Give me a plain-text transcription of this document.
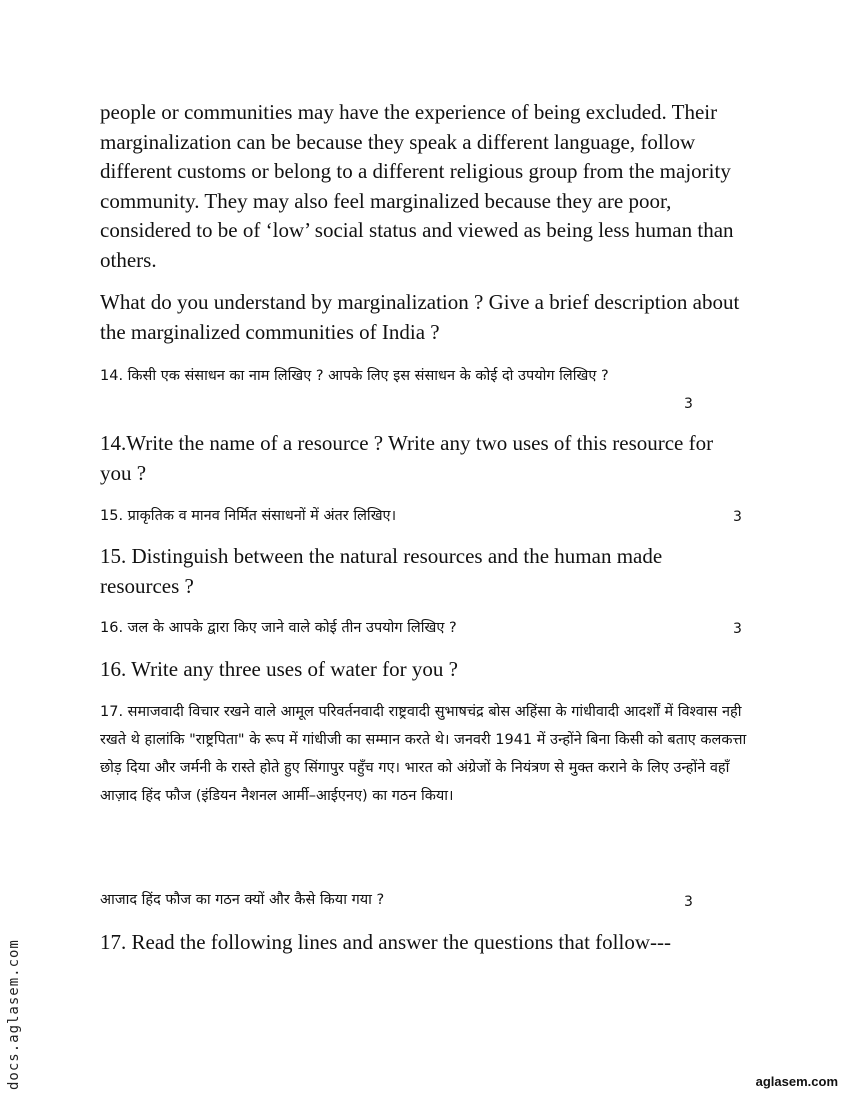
people or communities may have the experience of being excluded. Their marginalization can be because they speak a different language, follow different customs or belong to a different religious group from the majority community. They may also feel marginalized because they are poor, considered to be of ‘low’ social status and viewed as being less human than others.

What do you understand by marginalization ? Give a brief description about the marginalized communities of India ?

14. किसी एक संसाधन का नाम लिखिए ? आपके लिए इस संसाधन के कोई दो उपयोग लिखिए ?

3

14.Write the name of a resource ? Write any two uses of this resource for you ?

15. प्राकृतिक व मानव निर्मित संसाधनों में अंतर लिखिए।	3

15. Distinguish between the natural resources and the human made resources ?

16. जल के आपके द्वारा किए जाने वाले कोई तीन उपयोग लिखिए ?	3

16. Write any three uses of water for you ?

17. समाजवादी विचार रखने वाले आमूल परिवर्तनवादी राष्ट्रवादी सुभाषचंद्र बोस अहिंसा के गांधीवादी आदर्शों में विश्वास नही रखते थे हालांकि "राष्ट्रपिता" के रूप में गांधीजी का सम्मान करते थे। जनवरी 1941 में उन्होंने बिना किसी को बताए कलकत्ता छोड़ दिया और जर्मनी के रास्ते होते हुए सिंगापुर पहुँच गए। भारत को अंग्रेजों के नियंत्रण से मुक्त कराने के लिए उन्होंने वहाँ आज़ाद हिंद फौज (इंडियन नैशनल आर्मी–आईएनए) का गठन किया।

आजाद हिंद फौज का गठन क्यों और कैसे किया गया ?	3

17. Read the following lines and answer the questions that follow---

docs.aglasem.com	aglasem.com
